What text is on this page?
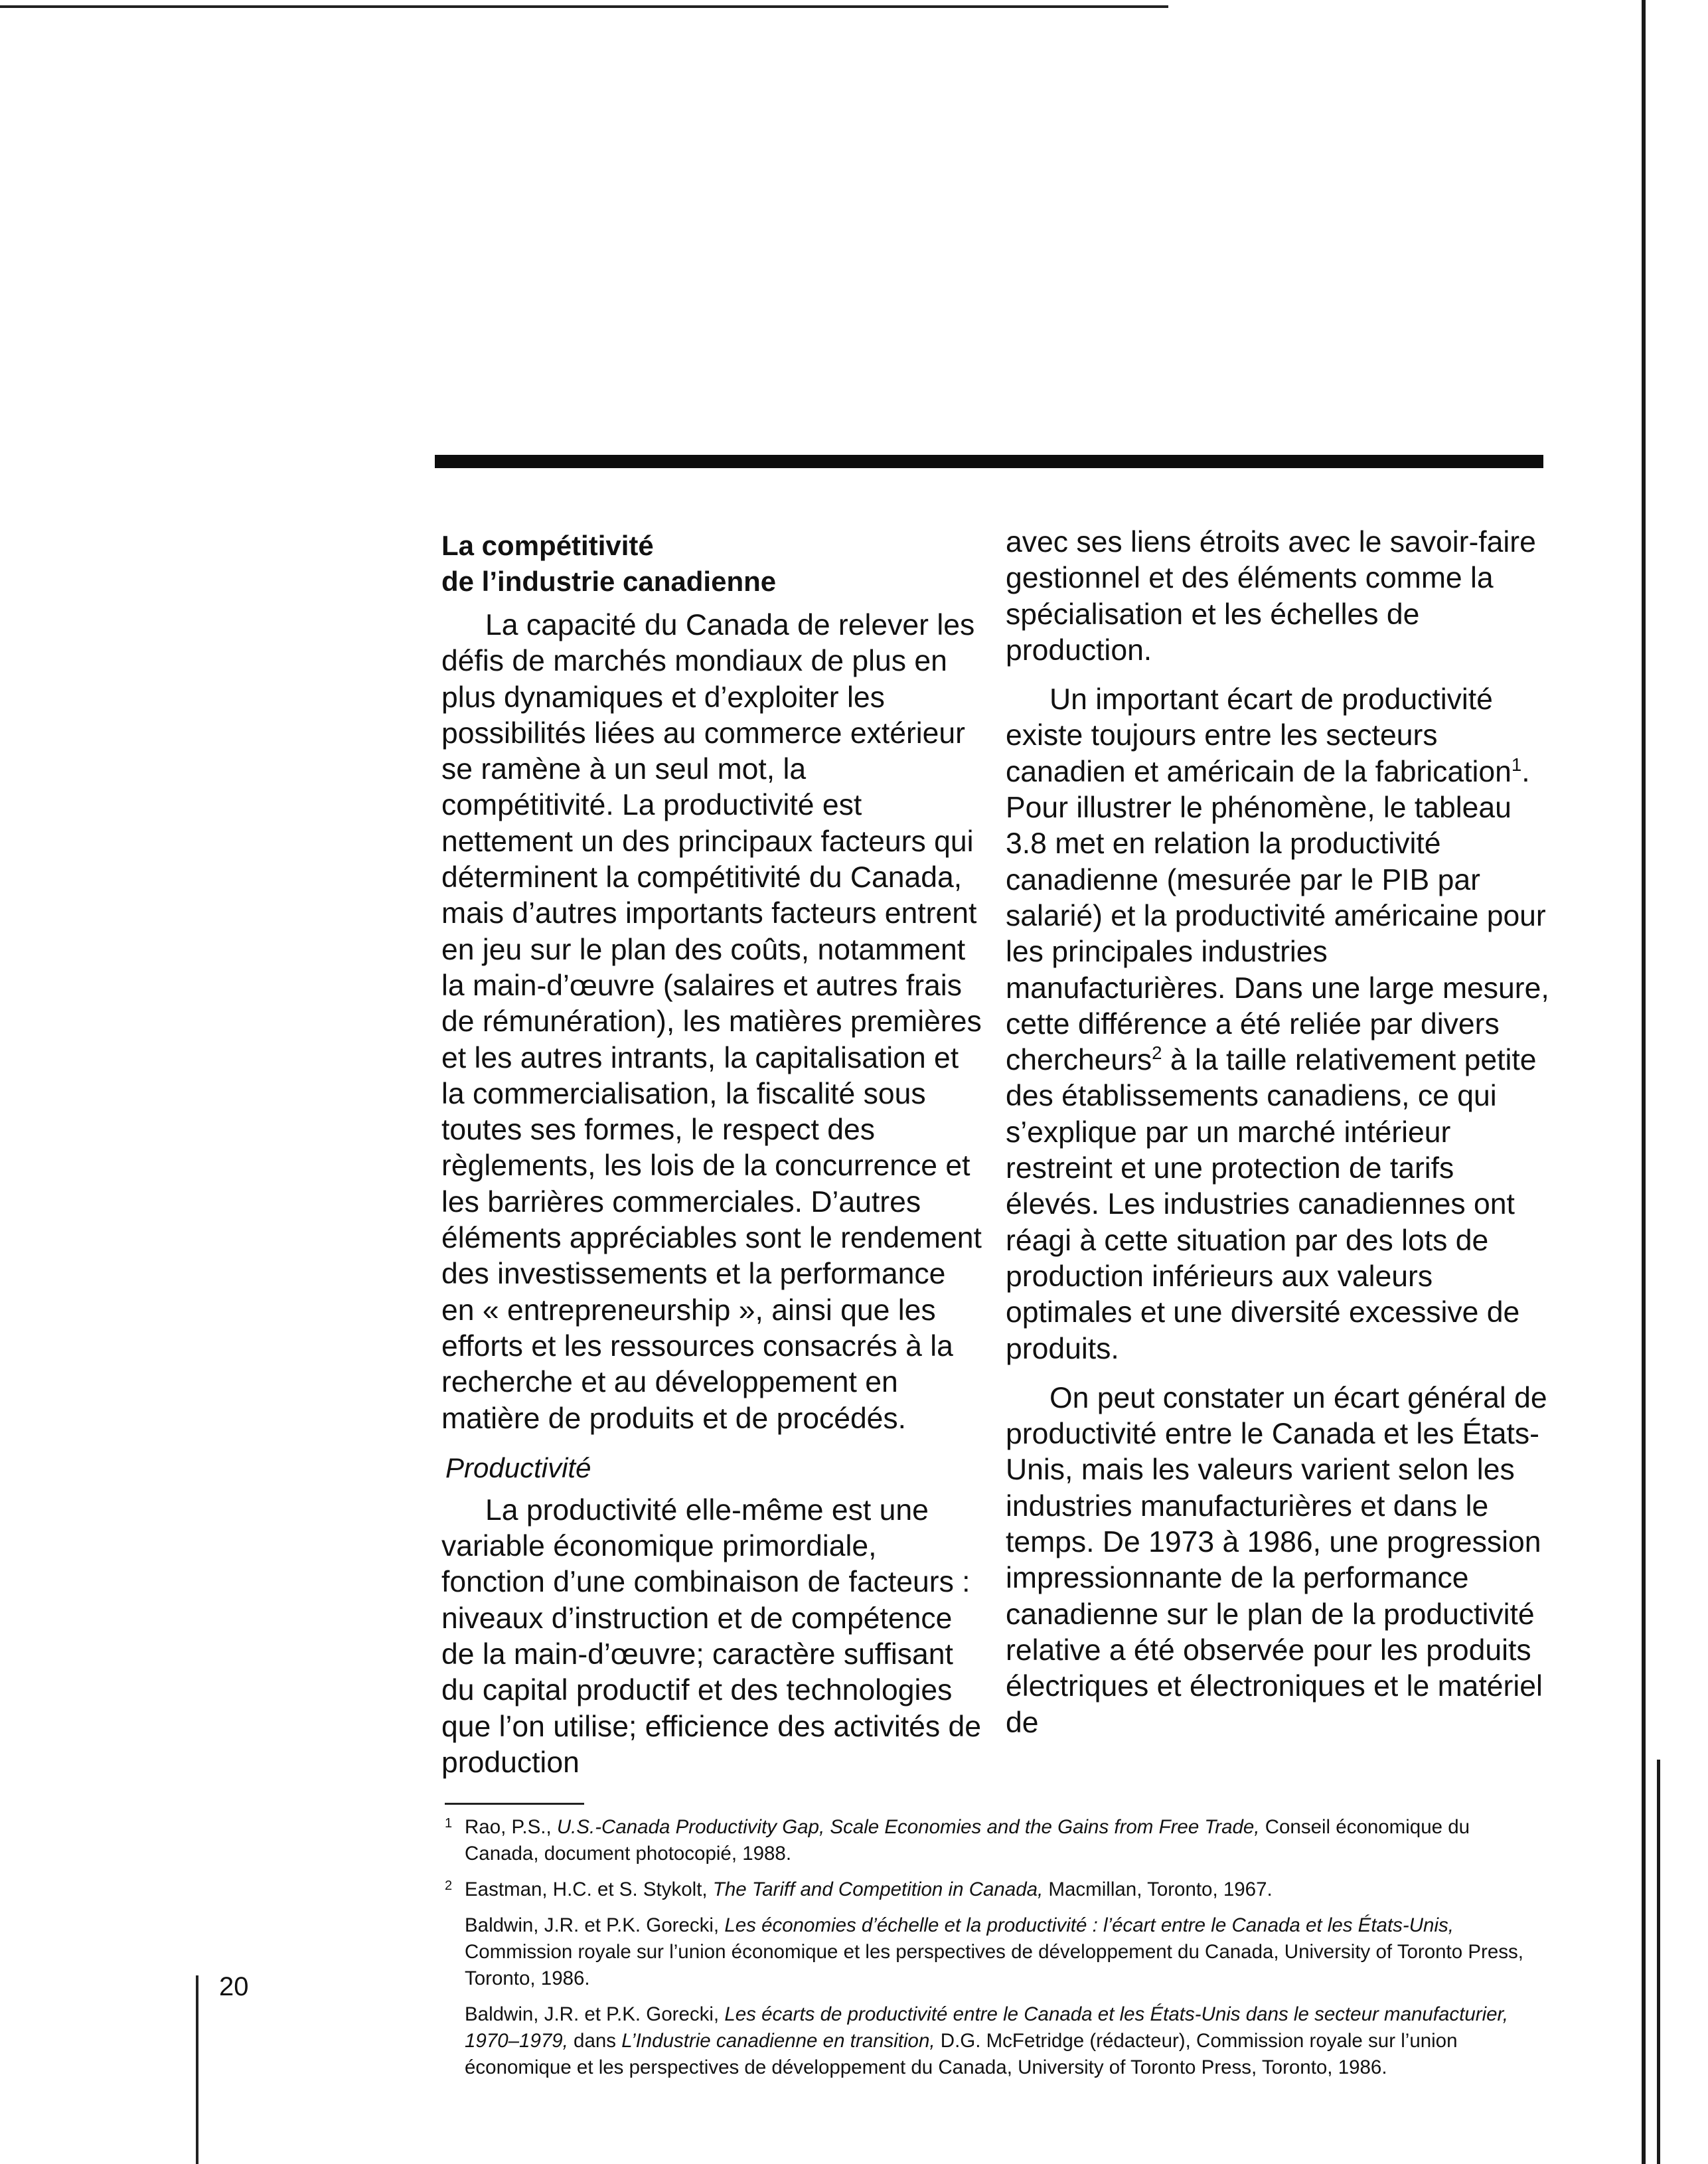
La compétitivité
de l’industrie canadienne

La capacité du Canada de relever les défis de marchés mondiaux de plus en plus dynamiques et d’exploiter les possibilités liées au commerce extérieur se ramène à un seul mot, la compétitivité. La productivité est nettement un des principaux facteurs qui déterminent la compétitivité du Canada, mais d’autres importants facteurs entrent en jeu sur le plan des coûts, notamment la main-d’œuvre (salaires et autres frais de rémunération), les matières premières et les autres intrants, la capitalisation et la commercialisation, la fiscalité sous toutes ses formes, le respect des règlements, les lois de la concurrence et les barrières commerciales. D’autres éléments appréciables sont le rendement des investissements et la performance en « entrepreneurship », ainsi que les efforts et les ressources consacrés à la recherche et au développement en matière de produits et de procédés.

Productivité

La productivité elle-même est une variable économique primordiale, fonction d’une combinaison de facteurs : niveaux d’instruction et de compétence de la main-d’œuvre; caractère suffisant du capital productif et des technologies que l’on utilise; efficience des activités de production

avec ses liens étroits avec le savoir-faire gestionnel et des éléments comme la spécialisation et les échelles de production.

Un important écart de productivité existe toujours entre les secteurs canadien et américain de la fabrication$^1$. Pour illustrer le phénomène, le tableau 3.8 met en relation la productivité canadienne (mesurée par le PIB par salarié) et la productivité américaine pour les principales industries manufacturières. Dans une large mesure, cette différence a été reliée par divers chercheurs$^2$ à la taille relativement petite des établissements canadiens, ce qui s’explique par un marché intérieur restreint et une protection de tarifs élevés. Les industries canadiennes ont réagi à cette situation par des lots de production inférieurs aux valeurs optimales et une diversité excessive de produits.

On peut constater un écart général de productivité entre le Canada et les États-Unis, mais les valeurs varient selon les industries manufacturières et dans le temps. De 1973 à 1986, une progression impressionnante de la performance canadienne sur le plan de la productivité relative a été observée pour les produits électriques et électroniques et le matériel de

1 Rao, P.S., U.S.-Canada Productivity Gap, Scale Economies and the Gains from Free Trade, Conseil économique du Canada, document photocopié, 1988.
2 Eastman, H.C. et S. Stykolt, The Tariff and Competition in Canada, Macmillan, Toronto, 1967.
Baldwin, J.R. et P.K. Gorecki, Les économies d’échelle et la productivité : l’écart entre le Canada et les États-Unis, Commission royale sur l’union économique et les perspectives de développement du Canada, University of Toronto Press, Toronto, 1986.
Baldwin, J.R. et P.K. Gorecki, Les écarts de productivité entre le Canada et les États-Unis dans le secteur manufacturier, 1970–1979, dans L’Industrie canadienne en transition, D.G. McFetridge (rédacteur), Commission royale sur l’union économique et les perspectives de développement du Canada, University of Toronto Press, Toronto, 1986.
20
